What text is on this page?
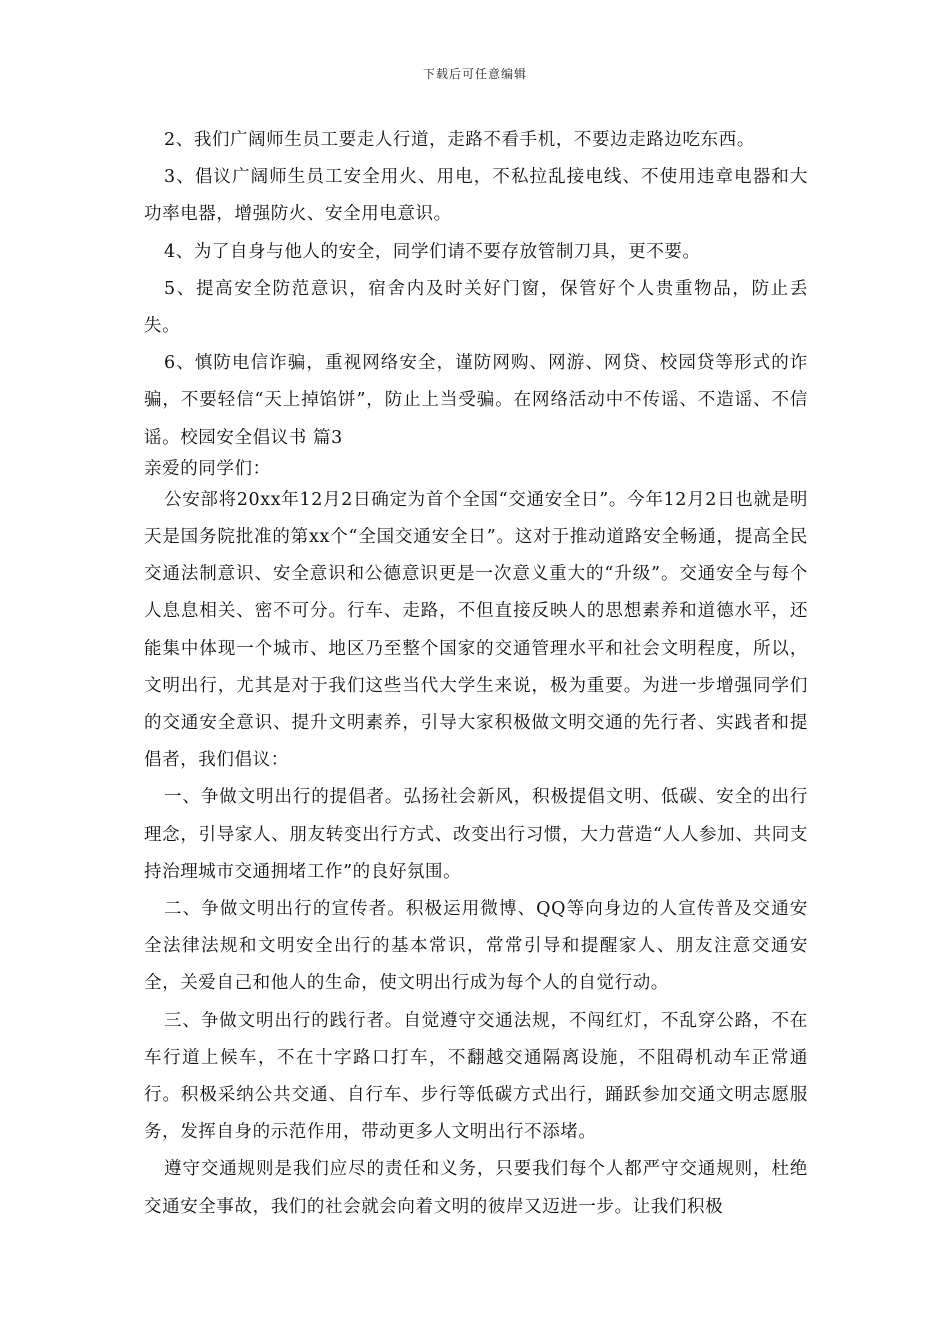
下载后可任意编辑

2、我们广阔师生员工要走人行道，走路不看手机，不要边走路边吃东西。

3、倡议广阔师生员工安全用火、用电，不私拉乱接电线、不使用违章电器和大功率电器，增强防火、安全用电意识。

4、为了自身与他人的安全，同学们请不要存放管制刀具，更不要。

5、提高安全防范意识，宿舍内及时关好门窗，保管好个人贵重物品，防止丢失。

6、慎防电信诈骗，重视网络安全，谨防网购、网游、网贷、校园贷等形式的诈骗，不要轻信“天上掉馅饼”，防止上当受骗。在网络活动中不传谣、不造谣、不信谣。校园安全倡议书 篇3

亲爱的同学们：

公安部将20xx年12月2日确定为首个全国“交通安全日”。今年12月2日也就是明天是国务院批准的第xx个“全国交通安全日”。这对于推动道路安全畅通，提高全民交通法制意识、安全意识和公德意识更是一次意义重大的“升级”。交通安全与每个人息息相关、密不可分。行车、走路，不但直接反映人的思想素养和道德水平，还能集中体现一个城市、地区乃至整个国家的交通管理水平和社会文明程度，所以，文明出行，尤其是对于我们这些当代大学生来说，极为重要。为进一步增强同学们的交通安全意识、提升文明素养，引导大家积极做文明交通的先行者、实践者和提倡者，我们倡议：

一、争做文明出行的提倡者。弘扬社会新风，积极提倡文明、低碳、安全的出行理念，引导家人、朋友转变出行方式、改变出行习惯，大力营造“人人参加、共同支持治理城市交通拥堵工作”的良好氛围。

二、争做文明出行的宣传者。积极运用微博、QQ等向身边的人宣传普及交通安全法律法规和文明安全出行的基本常识，常常引导和提醒家人、朋友注意交通安全，关爱自己和他人的生命，使文明出行成为每个人的自觉行动。

三、争做文明出行的践行者。自觉遵守交通法规，不闯红灯，不乱穿公路，不在车行道上候车，不在十字路口打车，不翻越交通隔离设施，不阻碍机动车正常通行。积极采纳公共交通、自行车、步行等低碳方式出行，踊跃参加交通文明志愿服务，发挥自身的示范作用，带动更多人文明出行不添堵。

遵守交通规则是我们应尽的责任和义务，只要我们每个人都严守交通规则，杜绝交通安全事故，我们的社会就会向着文明的彼岸又迈进一步。让我们积极
